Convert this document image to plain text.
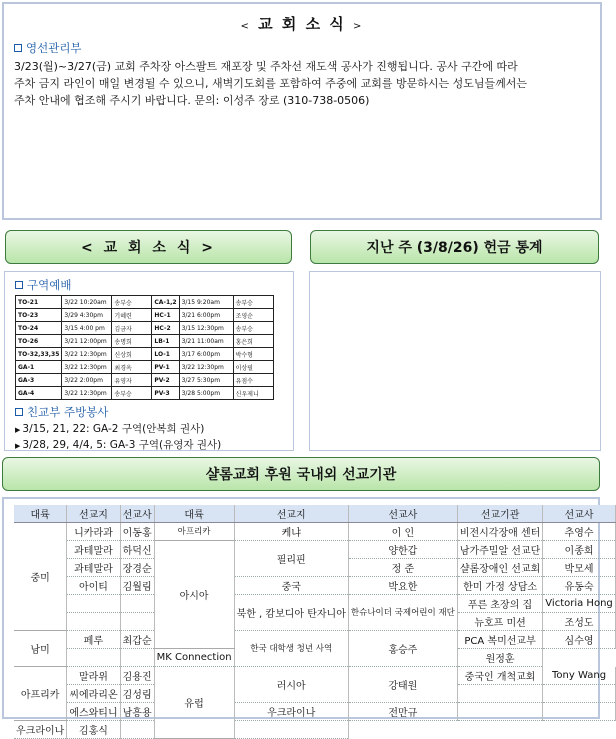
< 교 회 소 식 >
영선관리부
3/23(월)~3/27(금) 교회 주차장 아스팔트 재포장 및 주차선 재도색 공사가 진행됩니다. 공사 구간에 따라
주차 금지 라인이 매일 변경될 수 있으니, 새벽기도회를 포함하여 주중에 교회를 방문하시는 성도님들께서는
주차 안내에 협조해 주시기 바랍니다. 문의: 이성주 장로 (310-738-0506)
< 교 회 소 식 >	지난 주 (3/8/26) 헌금 통계
구역예배
TO-21	3/22 10:20am	송부승	CA-1,2	3/15 9:20am	송부승
TO-23	3/29 4:30pm	기혜련	HC-1	3/21 6:00pm	조영순
TO-24	3/15 4:00 pm	김금자	HC-2	3/15 12:30pm	송부승
TO-26	3/21 12:00pm	송명희	LB-1	3/21 11:00am	홍은희
TO-32,33,35	3/22 12:30pm	신상희	LO-1	3/17 6:00pm	박수형
GA-1	3/22 12:30pm	최경옥	PV-1	3/22 12:30pm	이상필
GA-3	3/22 2:00pm	유영자	PV-2	3/27 5:30pm	유점수
GA-4	3/22 12:30pm	송부승	PV-3	3/28 5:00pm	신우제니
친교부 주방봉사
▶ 3/15, 21, 22: GA-2 구역(안복희 권사)
▶ 3/28, 29, 4/4, 5: GA-3 구역(유영자 권사)
샬롬교회 후원 국내외 선교기관
대륙	선교지	선교사	대륙	선교지	선교사	선교기관	선교사
중미	니카라과	이동홍	아프리카	케냐	이 인	비전시각장애 센터	추영수
	과테말라	하덕신	아시아	필리핀	양한갑	남가주밀알 선교단	이종희
	과테말라	장경순			정 준	샬롬장애인 선교회	박모세
	아이티	김월림		중국	박요한	한미 가정 상담소	유동숙
				북한 , 캄보디아 탄자니아	한슈나이더 국제어린이 재단	푸른 초장의 집	Victoria Hong
						뉴호프 미션	조성도
남미	페루	최갑순		한국 대학생 청년 사역	홍승주	PCA 복미선교부	심수영
			MK Connection			원정훈	
아프리카	말라위	김용진	유럽	러시아	강태원	중국인 개척교회	Tony Wang
	씨에라리온	김성림					
	에스와티니	남흥용		우크라이나	전만규		
우크라이나	김홍식						
